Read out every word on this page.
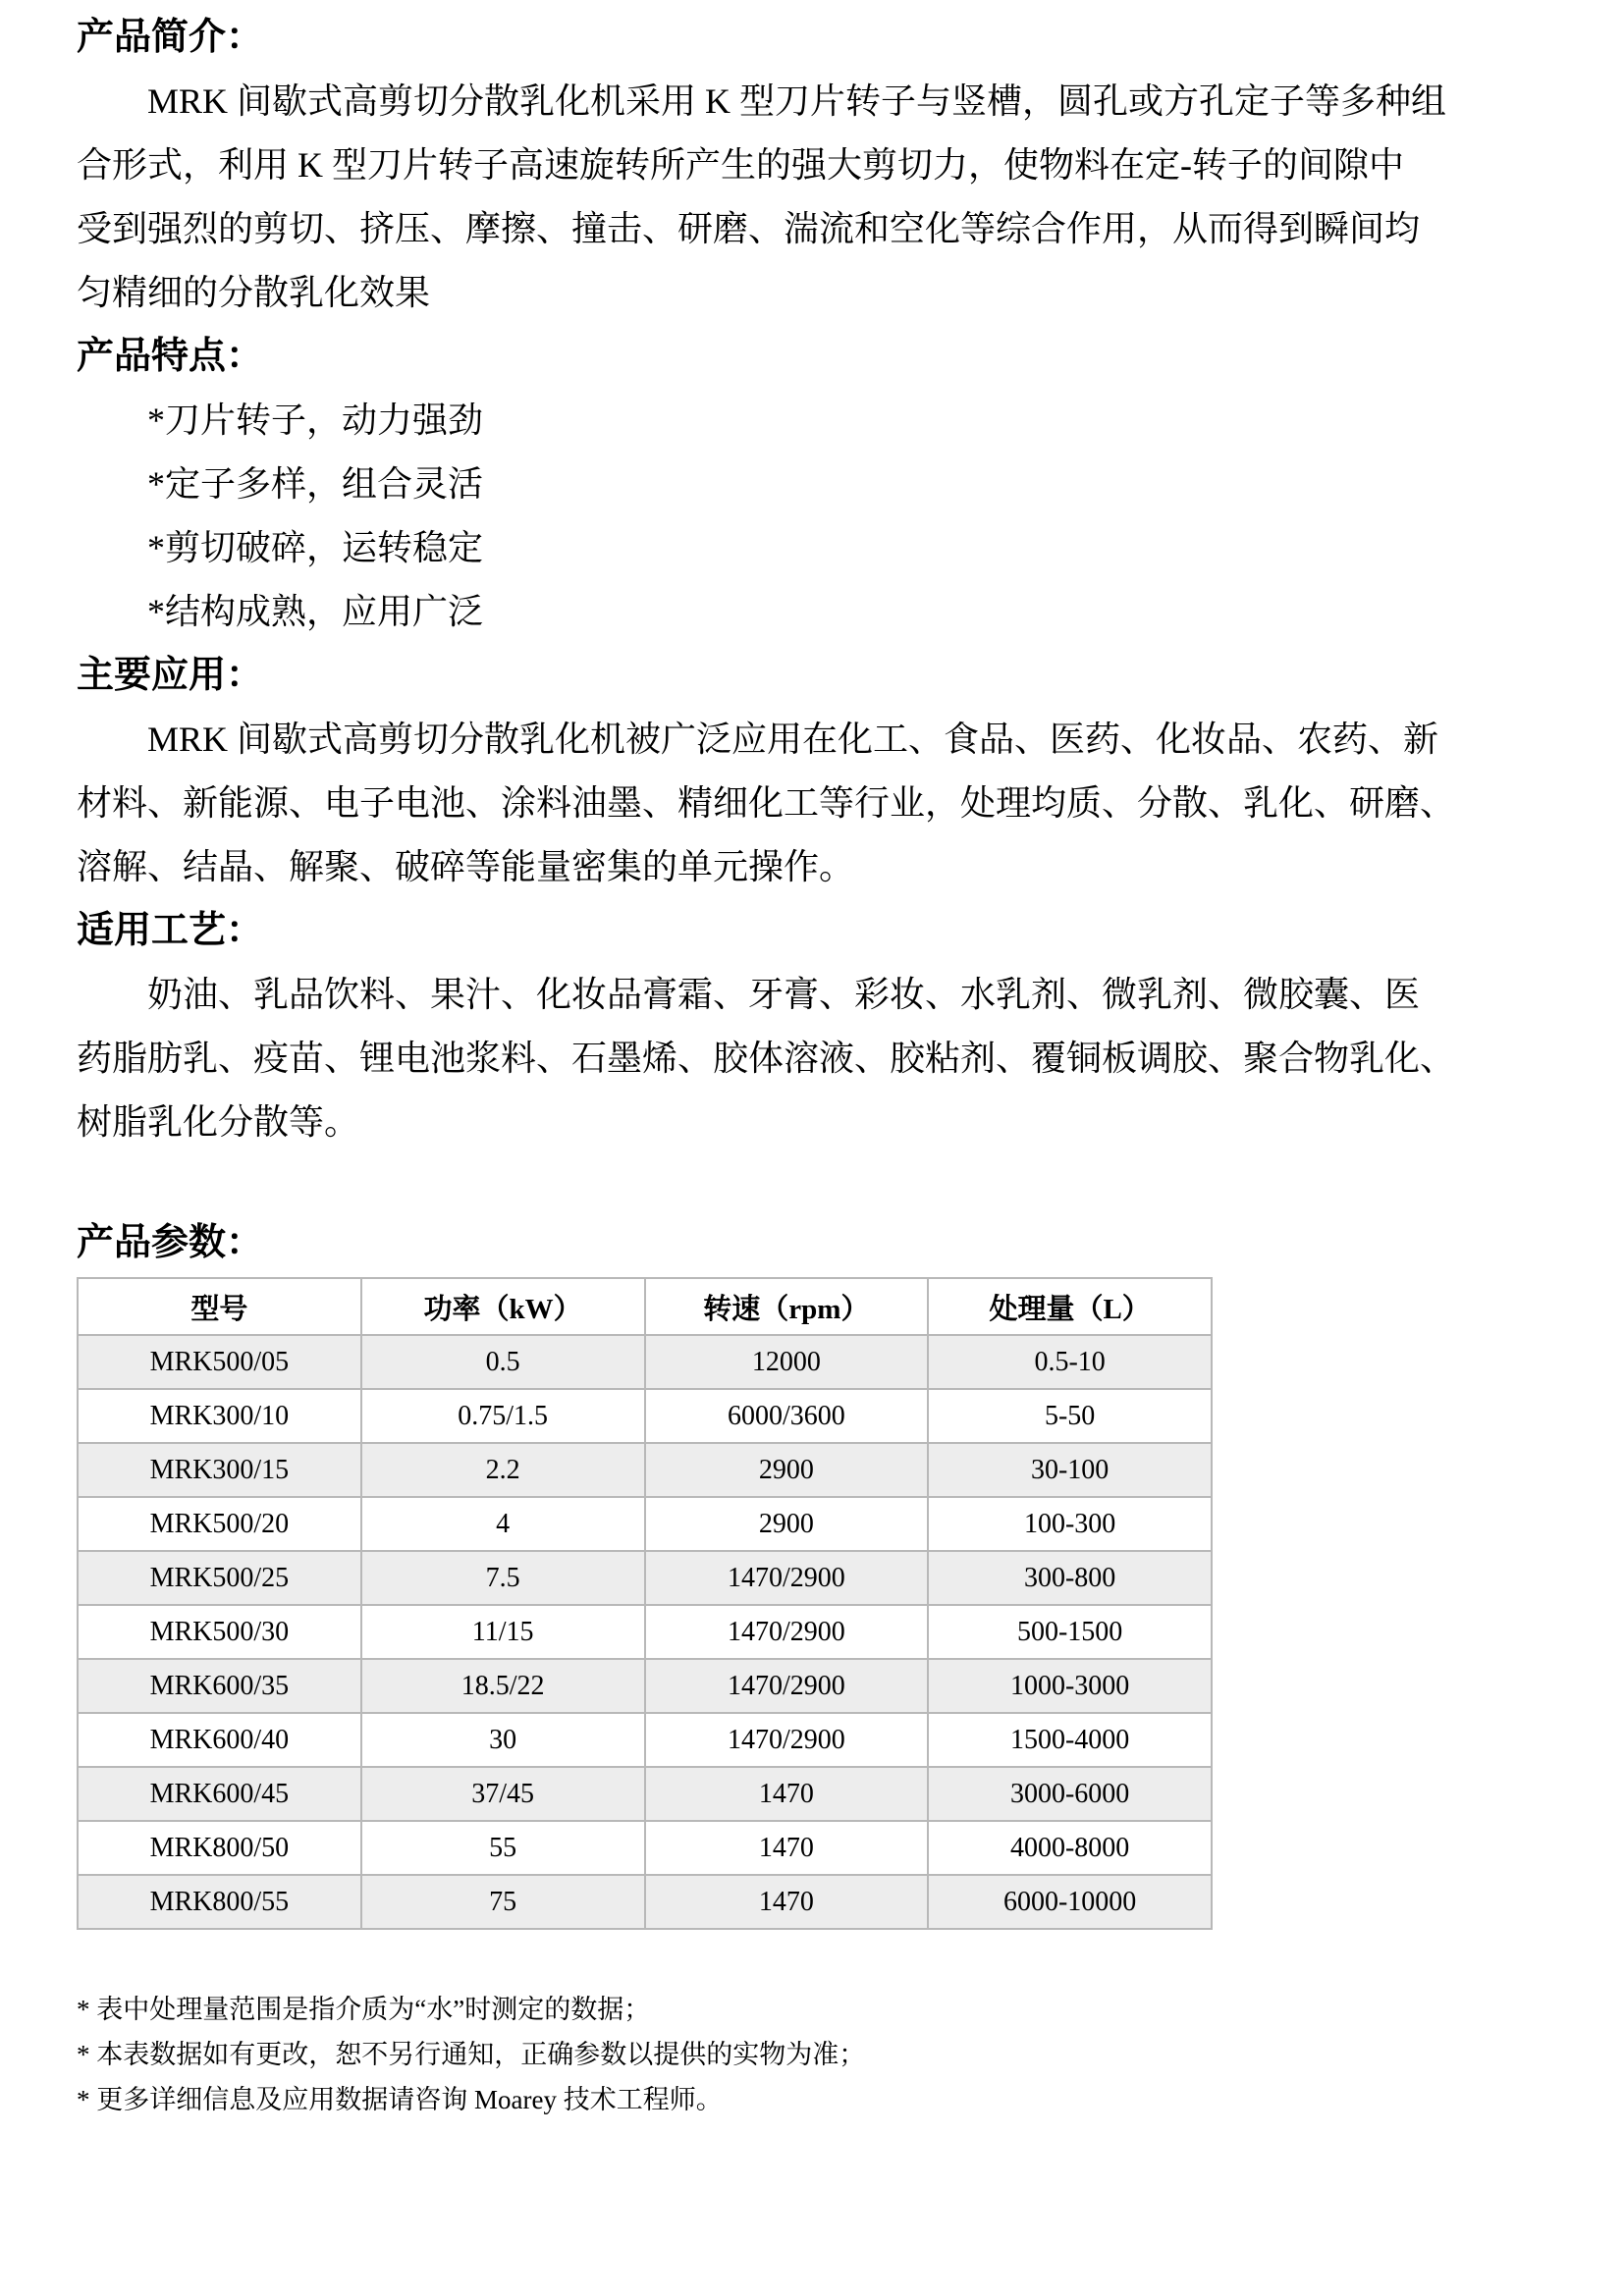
产品简介：
MRK 间歇式高剪切分散乳化机采用 K 型刀片转子与竖槽，圆孔或方孔定子等多种组
合形式，利用 K 型刀片转子高速旋转所产生的强大剪切力，使物料在定-转子的间隙中
受到强烈的剪切、挤压、摩擦、撞击、研磨、湍流和空化等综合作用，从而得到瞬间均
匀精细的分散乳化效果
产品特点：
*刀片转子，动力强劲
*定子多样，组合灵活
*剪切破碎，运转稳定
*结构成熟，应用广泛
主要应用：
MRK 间歇式高剪切分散乳化机被广泛应用在化工、食品、医药、化妆品、农药、新
材料、新能源、电子电池、涂料油墨、精细化工等行业，处理均质、分散、乳化、研磨、
溶解、结晶、解聚、破碎等能量密集的单元操作。
适用工艺：
奶油、乳品饮料、果汁、化妆品膏霜、牙膏、彩妆、水乳剂、微乳剂、微胶囊、医
药脂肪乳、疫苗、锂电池浆料、石墨烯、胶体溶液、胶粘剂、覆铜板调胶、聚合物乳化、
树脂乳化分散等。
产品参数：
型号	功率（kW）	转速（rpm）	处理量（L）
MRK500/05	0.5	12000	0.5-10
MRK300/10	0.75/1.5	6000/3600	5-50
MRK300/15	2.2	2900	30-100
MRK500/20	4	2900	100-300
MRK500/25	7.5	1470/2900	300-800
MRK500/30	11/15	1470/2900	500-1500
MRK600/35	18.5/22	1470/2900	1000-3000
MRK600/40	30	1470/2900	1500-4000
MRK600/45	37/45	1470	3000-6000
MRK800/50	55	1470	4000-8000
MRK800/55	75	1470	6000-10000
* 表中处理量范围是指介质为“水”时测定的数据；
* 本表数据如有更改，恕不另行通知，正确参数以提供的实物为准；
* 更多详细信息及应用数据请咨询 Moarey 技术工程师。
